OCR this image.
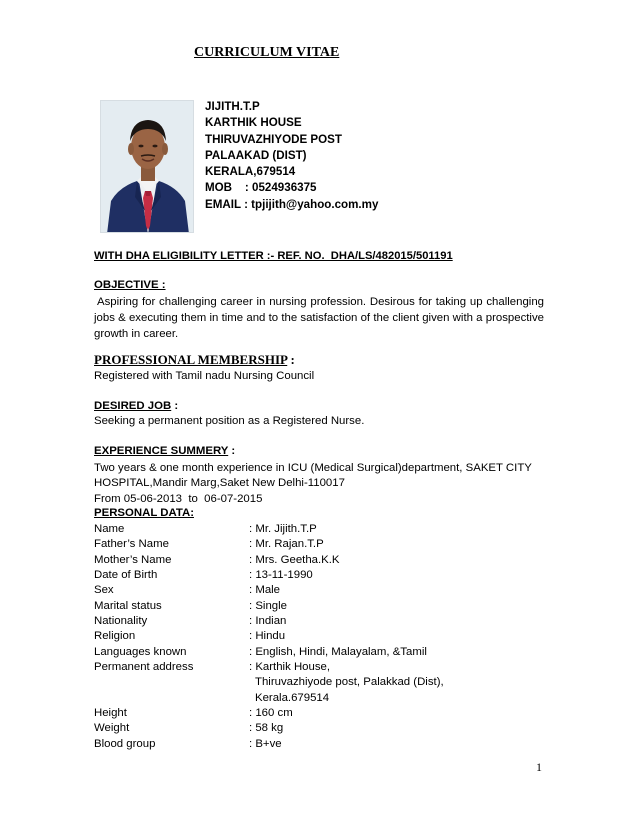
CURRICULUM VITAE
JIJITH.T.P
KARTHIK HOUSE
THIRUVAZHIYODE POST
PALAAKAD (DIST)
KERALA,679514
MOB    : 0524936375
EMAIL : tpjijith@yahoo.com.my
WITH DHA ELIGIBILITY LETTER :- REF. NO.  DHA/LS/482015/501191
OBJECTIVE :
Aspiring for challenging career in nursing profession. Desirous for taking up challenging jobs & executing them in time and to the satisfaction of the client given with a prospective growth in career.
PROFESSIONAL MEMBERSHIP :
Registered with Tamil nadu Nursing Council
DESIRED JOB :
Seeking a permanent position as a Registered Nurse.
EXPERIENCE SUMMERY :
Two years & one month experience in ICU (Medical Surgical)department, SAKET CITY
HOSPITAL,Mandir Marg,Saket New Delhi-110017
From 05-06-2013  to  06-07-2015
PERSONAL DATA:
Name	: Mr. Jijith.T.P
Father’s Name	: Mr. Rajan.T.P
Mother’s Name	: Mrs. Geetha.K.K
Date of Birth	: 13-11-1990
Sex	: Male
Marital status	: Single
Nationality	: Indian
Religion	: Hindu
Languages known	: English, Hindi, Malayalam, &Tamil
Permanent address	: Karthik House,
Thiruvazhiyode post, Palakkad (Dist),
Kerala.679514
Height	: 160 cm
Weight	: 58 kg
Blood group	: B+ve
1
